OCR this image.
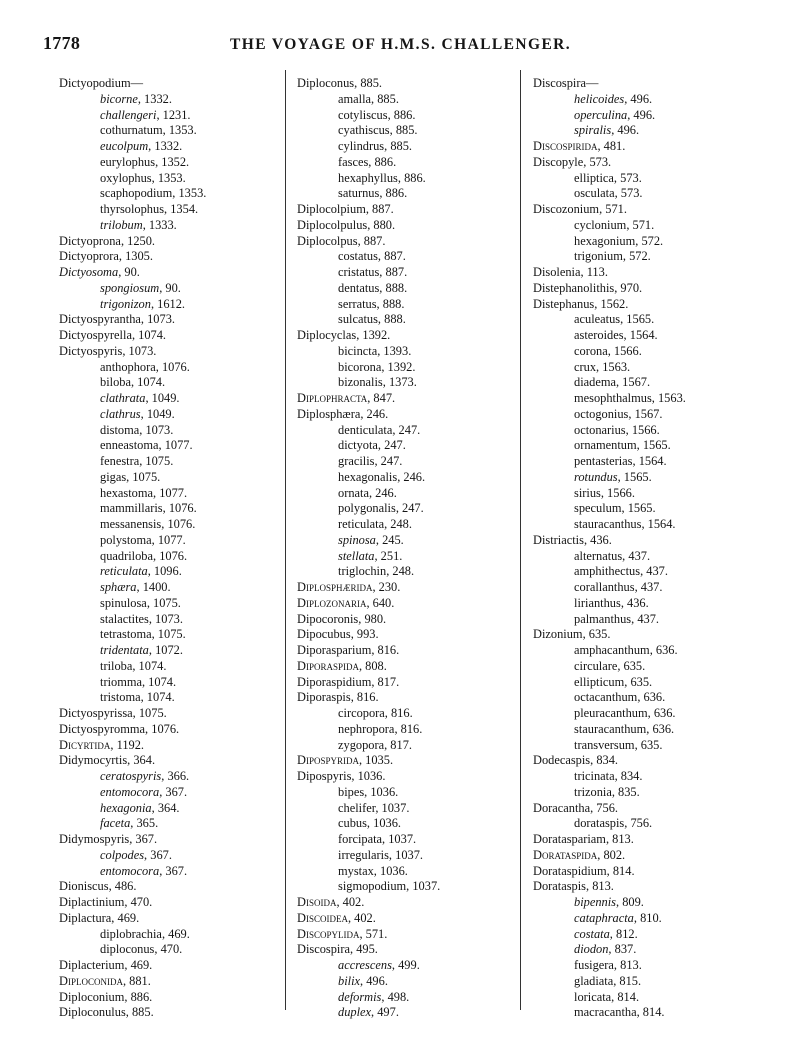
1778	THE VOYAGE OF H.M.S. CHALLENGER.
Dictyopodium—
bicorne, 1332.
challengeri, 1231.
cothurnatum, 1353.
eucolpum, 1332.
eurylophus, 1352.
oxylophus, 1353.
scaphopodium, 1353.
thyrsolophus, 1354.
trilobum, 1333.
Dictyoprona, 1250.
Dictyoprora, 1305.
Dictyosoma, 90.
spongiosum, 90.
trigonizon, 1612.
Dictyospyrantha, 1073.
Dictyospyrella, 1074.
Dictyospyris, 1073.
anthophora, 1076.
biloba, 1074.
clathrata, 1049.
clathrus, 1049.
distoma, 1073.
enneastoma, 1077.
fenestra, 1075.
gigas, 1075.
hexastoma, 1077.
mammillaris, 1076.
messanensis, 1076.
polystoma, 1077.
quadriloba, 1076.
reticulata, 1096.
sphæra, 1400.
spinulosa, 1075.
stalactites, 1073.
tetrastoma, 1075.
tridentata, 1072.
triloba, 1074.
triomma, 1074.
tristoma, 1074.
Dictyospyrissa, 1075.
Dictyospyromma, 1076.
Dicyrtida, 1192.
Didymocyrtis, 364.
ceratospyris, 366.
entomocora, 367.
hexagonia, 364.
faceta, 365.
Didymospyris, 367.
colpodes, 367.
entomocora, 367.
Dioniscus, 486.
Diplactinium, 470.
Diplactura, 469.
diplobrachia, 469.
diploconus, 470.
Diplacterium, 469.
Diploconida, 881.
Diploconium, 886.
Diploconulus, 885.
Diploconus, 885.
amalla, 885.
cotyliscus, 886.
cyathiscus, 885.
cylindrus, 885.
fasces, 886.
hexaphyllus, 886.
saturnus, 886.
Diplocolpium, 887.
Diplocolpulus, 880.
Diplocolpus, 887.
costatus, 887.
cristatus, 887.
dentatus, 888.
serratus, 888.
sulcatus, 888.
Diplocyclas, 1392.
bicincta, 1393.
bicorona, 1392.
bizonalis, 1373.
Diplophracta, 847.
Diplosphæra, 246.
denticulata, 247.
dictyota, 247.
gracilis, 247.
hexagonalis, 246.
ornata, 246.
polygonalis, 247.
reticulata, 248.
spinosa, 245.
stellata, 251.
triglochin, 248.
Diplosphærida, 230.
Diplozonaria, 640.
Dipocoronis, 980.
Dipocubus, 993.
Diporasparium, 816.
Diporaspida, 808.
Diporaspidium, 817.
Diporaspis, 816.
circopora, 816.
nephropora, 816.
zygopora, 817.
Dipospyrida, 1035.
Dipospyris, 1036.
bipes, 1036.
chelifer, 1037.
cubus, 1036.
forcipata, 1037.
irregularis, 1037.
mystax, 1036.
sigmopodium, 1037.
Disoida, 402.
Discoidea, 402.
Discopylida, 571.
Discospira, 495.
accrescens, 499.
bilix, 496.
deformis, 498.
duplex, 497.
Discospira—
helicoides, 496.
operculina, 496.
spiralis, 496.
Discospirida, 481.
Discopyle, 573.
elliptica, 573.
osculata, 573.
Discozonium, 571.
cyclonium, 571.
hexagonium, 572.
trigonium, 572.
Disolenia, 113.
Distephanolithis, 970.
Distephanus, 1562.
aculeatus, 1565.
asteroides, 1564.
corona, 1566.
crux, 1563.
diadema, 1567.
mesophthalmus, 1563.
octogonius, 1567.
octonarius, 1566.
ornamentum, 1565.
pentasterias, 1564.
rotundus, 1565.
sirius, 1566.
speculum, 1565.
stauracanthus, 1564.
Distriactis, 436.
alternatus, 437.
amphithectus, 437.
corallanthus, 437.
lirianthus, 436.
palmanthus, 437.
Dizonium, 635.
amphacanthum, 636.
circulare, 635.
ellipticum, 635.
octacanthum, 636.
pleuracanthum, 636.
stauracanthum, 636.
transversum, 635.
Dodecaspis, 834.
tricinata, 834.
trizonia, 835.
Doracantha, 756.
dorataspis, 756.
Dorataspariam, 813.
Dorataspida, 802.
Dorataspidium, 814.
Dorataspis, 813.
bipennis, 809.
cataphracta, 810.
costata, 812.
diodon, 837.
fusigera, 813.
gladiata, 815.
loricata, 814.
macracantha, 814.
